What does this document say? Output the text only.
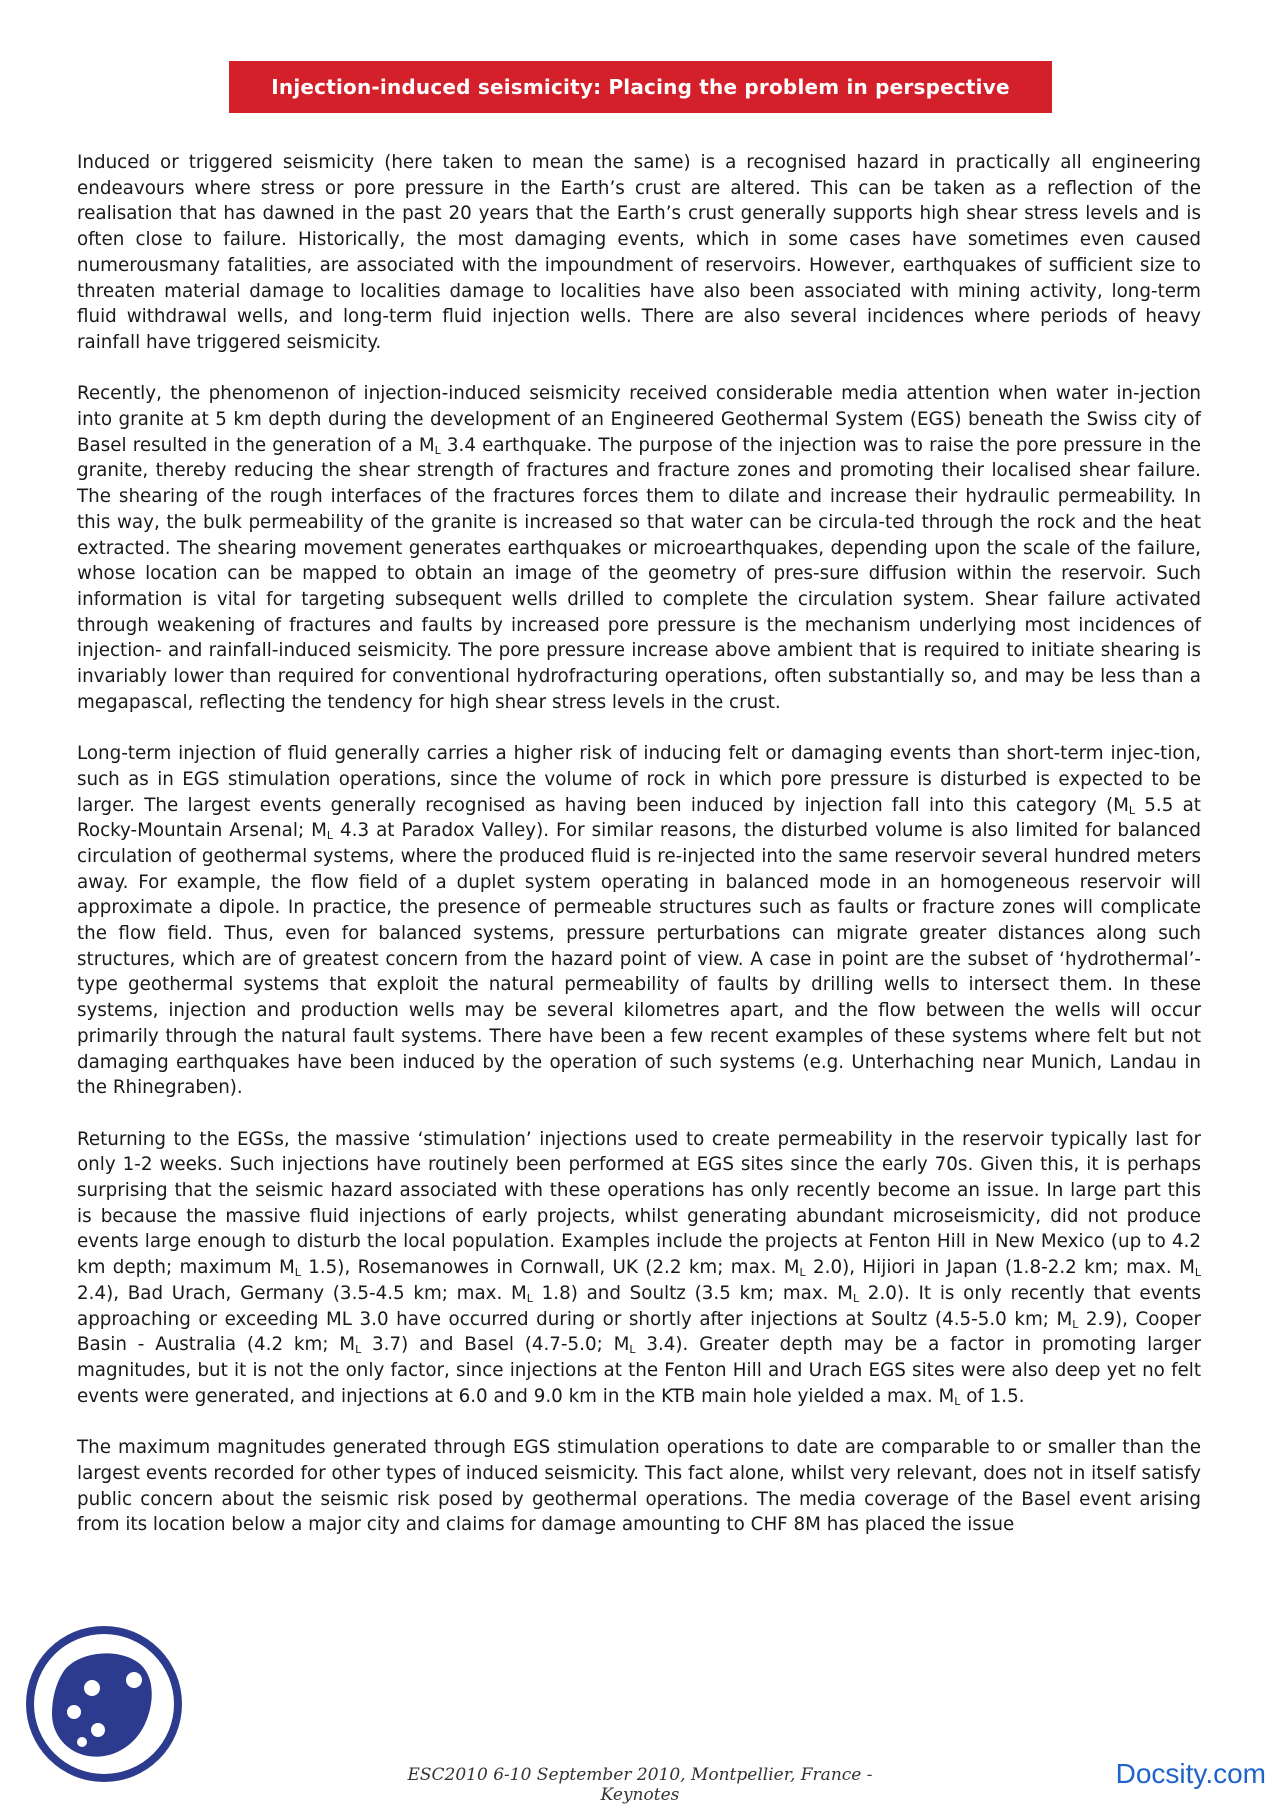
Injection-induced seismicity: Placing the problem in perspective

Induced or triggered seismicity (here taken to mean the same) is a recognised hazard in practically all engineering endeavours where stress or pore pressure in the Earth’s crust are altered. This can be taken as a reflection of the realisation that has dawned in the past 20 years that the Earth’s crust generally supports high shear stress levels and is often close to failure. Historically, the most damaging events, which in some cases have sometimes even caused numerousmany fatalities, are associated with the impoundment of reservoirs. However, earthquakes of sufficient size to threaten material damage to localities damage to localities have also been associated with mining activity, long-term fluid withdrawal wells, and long-term fluid injection wells. There are also several incidences where periods of heavy rainfall have triggered seismicity.

Recently, the phenomenon of injection-induced seismicity received considerable media attention when water in-jection into granite at 5 km depth during the development of an Engineered Geothermal System (EGS) beneath the Swiss city of Basel resulted in the generation of a $M_L$ 3.4 earthquake. The purpose of the injection was to raise the pore pressure in the granite, thereby reducing the shear strength of fractures and fracture zones and promoting their localised shear failure. The shearing of the rough interfaces of the fractures forces them to dilate and increase their hydraulic permeability. In this way, the bulk permeability of the granite is increased so that water can be circula-ted through the rock and the heat extracted. The shearing movement generates earthquakes or microearthquakes, depending upon the scale of the failure, whose location can be mapped to obtain an image of the geometry of pres-sure diffusion within the reservoir. Such information is vital for targeting subsequent wells drilled to complete the circulation system. Shear failure activated through weakening of fractures and faults by increased pore pressure is the mechanism underlying most incidences of injection- and rainfall-induced seismicity. The pore pressure increase above ambient that is required to initiate shearing is invariably lower than required for conventional hydrofracturing operations, often substantially so, and may be less than a megapascal, reflecting the tendency for high shear stress levels in the crust.

Long-term injection of fluid generally carries a higher risk of inducing felt or damaging events than short-term injec-tion, such as in EGS stimulation operations, since the volume of rock in which pore pressure is disturbed is expected to be larger. The largest events generally recognised as having been induced by injection fall into this category ($M_L$ 5.5 at Rocky-Mountain Arsenal; $M_L$ 4.3 at Paradox Valley). For similar reasons, the disturbed volume is also limited for balanced circulation of geothermal systems, where the produced fluid is re-injected into the same reservoir several hundred meters away. For example, the flow field of a duplet system operating in balanced mode in an homogeneous reservoir will approximate a dipole. In practice, the presence of permeable structures such as faults or fracture zones will complicate the flow field. Thus, even for balanced systems, pressure perturbations can migrate greater distances along such structures, which are of greatest concern from the hazard point of view. A case in point are the subset of ‘hydrothermal’-type geothermal systems that exploit the natural permeability of faults by drilling wells to intersect them. In these systems, injection and production wells may be several kilometres apart, and the flow between the wells will occur primarily through the natural fault systems. There have been a few recent examples of these systems where felt but not damaging earthquakes have been induced by the operation of such systems (e.g. Unterhaching near Munich, Landau in the Rhinegraben).

Returning to the EGSs, the massive ‘stimulation’ injections used to create permeability in the reservoir typically last for only 1-2 weeks. Such injections have routinely been performed at EGS sites since the early 70s. Given this, it is perhaps surprising that the seismic hazard associated with these operations has only recently become an issue. In large part this is because the massive fluid injections of early projects, whilst generating abundant microseismicity, did not produce events large enough to disturb the local population. Examples include the projects at Fenton Hill in New Mexico (up to 4.2 km depth; maximum $M_L$ 1.5), Rosemanowes in Cornwall, UK (2.2 km; max. $M_L$ 2.0), Hijiori in Japan (1.8-2.2 km; max. $M_L$ 2.4), Bad Urach, Germany (3.5-4.5 km; max. $M_L$ 1.8) and Soultz (3.5 km; max. $M_L$ 2.0). It is only recently that events approaching or exceeding ML 3.0 have occurred during or shortly after injections at Soultz (4.5-5.0 km; $M_L$ 2.9), Cooper Basin - Australia (4.2 km; $M_L$ 3.7) and Basel (4.7-5.0; $M_L$ 3.4). Greater depth may be a factor in promoting larger magnitudes, but it is not the only factor, since injections at the Fenton Hill and Urach EGS sites were also deep yet no felt events were generated, and injections at 6.0 and 9.0 km in the KTB main hole yielded a max. $M_L$ of 1.5.

The maximum magnitudes generated through EGS stimulation operations to date are comparable to or smaller than the largest events recorded for other types of induced seismicity. This fact alone, whilst very relevant, does not in itself satisfy public concern about the seismic risk posed by geothermal operations. The media coverage of the Basel event arising from its location below a major city and claims for damage amounting to CHF 8M has placed the issue

ESC2010 6-10 September 2010, Montpellier, France - Keynotes
Docsity.com
